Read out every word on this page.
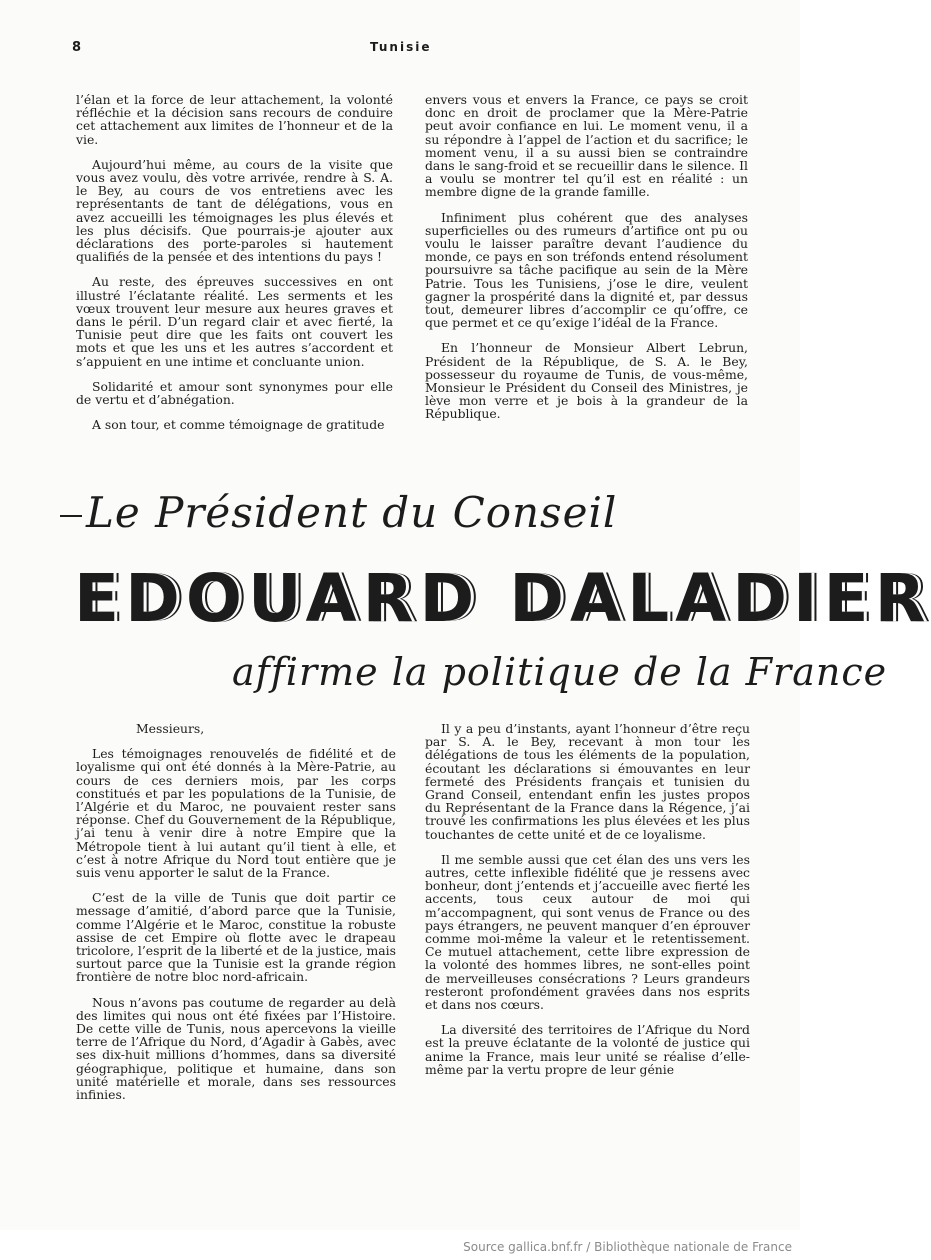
8	Tunisie

l’élan et la force de leur attachement, la volonté réfléchie et la décision sans recours de conduire cet attachement aux limites de l’honneur et de la vie.

Aujourd’hui même, au cours de la visite que vous avez voulu, dès votre arrivée, rendre à S. A. le Bey, au cours de vos entretiens avec les représentants de tant de délégations, vous en avez accueilli les témoignages les plus élevés et les plus décisifs. Que pourrais-je ajouter aux déclarations des porte-paroles si hautement qualifiés de la pensée et des intentions du pays !

Au reste, des épreuves successives en ont illustré l’éclatante réalité. Les serments et les vœux trouvent leur mesure aux heures graves et dans le péril. D’un regard clair et avec fierté, la Tunisie peut dire que les faits ont couvert les mots et que les uns et les autres s’accordent et s’appuient en une intime et concluante union.

Solidarité et amour sont synonymes pour elle de vertu et d’abnégation.

A son tour, et comme témoignage de gratitude

envers vous et envers la France, ce pays se croit donc en droit de proclamer que la Mère-Patrie peut avoir confiance en lui. Le moment venu, il a su répondre à l’appel de l’action et du sacrifice; le moment venu, il a su aussi bien se contraindre dans le sang-froid et se recueillir dans le silence. Il a voulu se montrer tel qu’il est en réalité : un membre digne de la grande famille.

Infiniment plus cohérent que des analyses superficielles ou des rumeurs d’artifice ont pu ou voulu le laisser paraître devant l’audience du monde, ce pays en son tréfonds entend résolument poursuivre sa tâche pacifique au sein de la Mère Patrie. Tous les Tunisiens, j’ose le dire, veulent gagner la prospérité dans la dignité et, par dessus tout, demeurer libres d’accomplir ce qu’offre, ce que permet et ce qu’exige l’idéal de la France.

En l’honneur de Monsieur Albert Lebrun, Président de la République, de S. A. le Bey, possesseur du royaume de Tunis, de vous-même, Monsieur le Président du Conseil des Ministres, je lève mon verre et je bois à la grandeur de la République.

Le Président du Conseil
EDOUARD DALADIER
affirme la politique de la France

Messieurs,

Les témoignages renouvelés de fidélité et de loyalisme qui ont été donnés à la Mère-Patrie, au cours de ces derniers mois, par les corps constitués et par les populations de la Tunisie, de l’Algérie et du Maroc, ne pouvaient rester sans réponse. Chef du Gouvernement de la République, j’ai tenu à venir dire à notre Empire que la Métropole tient à lui autant qu’il tient à elle, et c’est à notre Afrique du Nord tout entière que je suis venu apporter le salut de la France.

C’est de la ville de Tunis que doit partir ce message d’amitié, d’abord parce que la Tunisie, comme l’Algérie et le Maroc, constitue la robuste assise de cet Empire où flotte avec le drapeau tricolore, l’esprit de la liberté et de la justice, mais surtout parce que la Tunisie est la grande région frontière de notre bloc nord-africain.

Nous n’avons pas coutume de regarder au delà des limites qui nous ont été fixées par l’Histoire. De cette ville de Tunis, nous apercevons la vieille terre de l’Afrique du Nord, d’Agadir à Gabès, avec ses dix-huit millions d’hommes, dans sa diversité géographique, politique et humaine, dans son unité matérielle et morale, dans ses ressources infinies.

Il y a peu d’instants, ayant l’honneur d’être reçu par S. A. le Bey, recevant à mon tour les délégations de tous les éléments de la population, écoutant les déclarations si émouvantes en leur fermeté des Présidents français et tunisien du Grand Conseil, entendant enfin les justes propos du Représentant de la France dans la Régence, j’ai trouvé les confirmations les plus élevées et les plus touchantes de cette unité et de ce loyalisme.

Il me semble aussi que cet élan des uns vers les autres, cette inflexible fidélité que je ressens avec bonheur, dont j’entends et j’accueille avec fierté les accents, tous ceux autour de moi qui m’accompagnent, qui sont venus de France ou des pays étrangers, ne peuvent manquer d’en éprouver comme moi-même la valeur et le retentissement. Ce mutuel attachement, cette libre expression de la volonté des hommes libres, ne sont-elles point de merveilleuses consécrations ? Leurs grandeurs resteront profondément gravées dans nos esprits et dans nos cœurs.

La diversité des territoires de l’Afrique du Nord est la preuve éclatante de la volonté de justice qui anime la France, mais leur unité se réalise d’elle-même par la vertu propre de leur génie

Source gallica.bnf.fr / Bibliothèque nationale de France
